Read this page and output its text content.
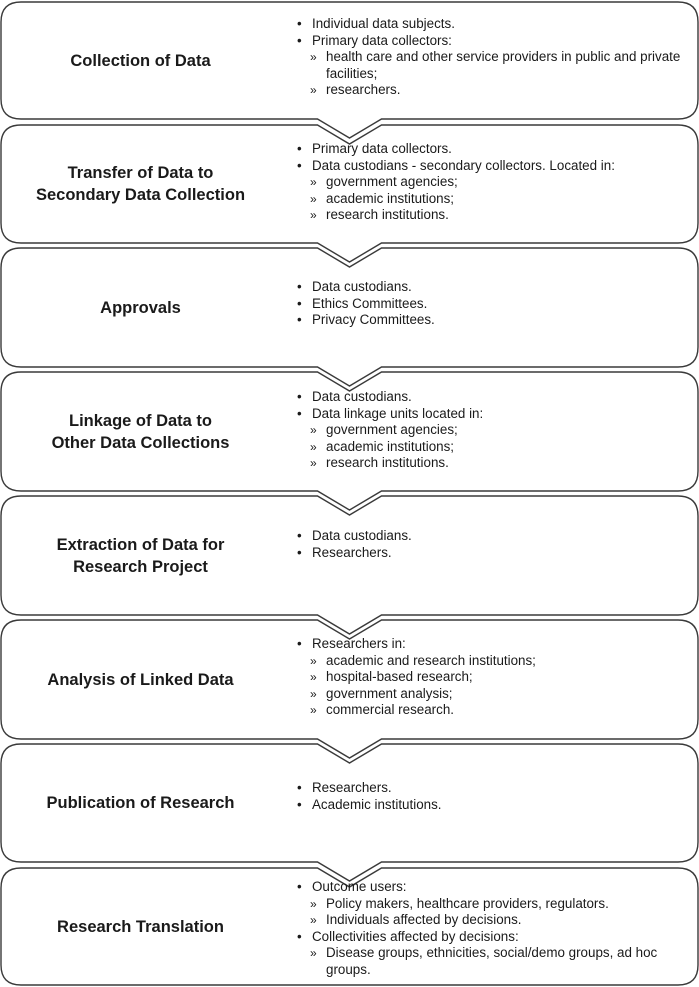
Collection of Data
• Individual data subjects.
• Primary data collectors:
» health care and other service providers in public and private facilities;
» researchers.
Transfer of Data to
Secondary Data Collection
• Primary data collectors.
• Data custodians - secondary collectors. Located in:
» government agencies;
» academic institutions;
» research institutions.
Approvals
• Data custodians.
• Ethics Committees.
• Privacy Committees.
Linkage of Data to
Other Data Collections
• Data custodians.
• Data linkage units located in:
» government agencies;
» academic institutions;
» research institutions.
Extraction of Data for
Research Project
• Data custodians.
• Researchers.
Analysis of Linked Data
• Researchers in:
» academic and research institutions;
» hospital-based research;
» government analysis;
» commercial research.
Publication of Research
• Researchers.
• Academic institutions.
Research Translation
• Outcome users:
» Policy makers, healthcare providers, regulators.
» Individuals affected by decisions.
• Collectivities affected by decisions:
» Disease groups, ethnicities, social/demo groups, ad hoc groups.
